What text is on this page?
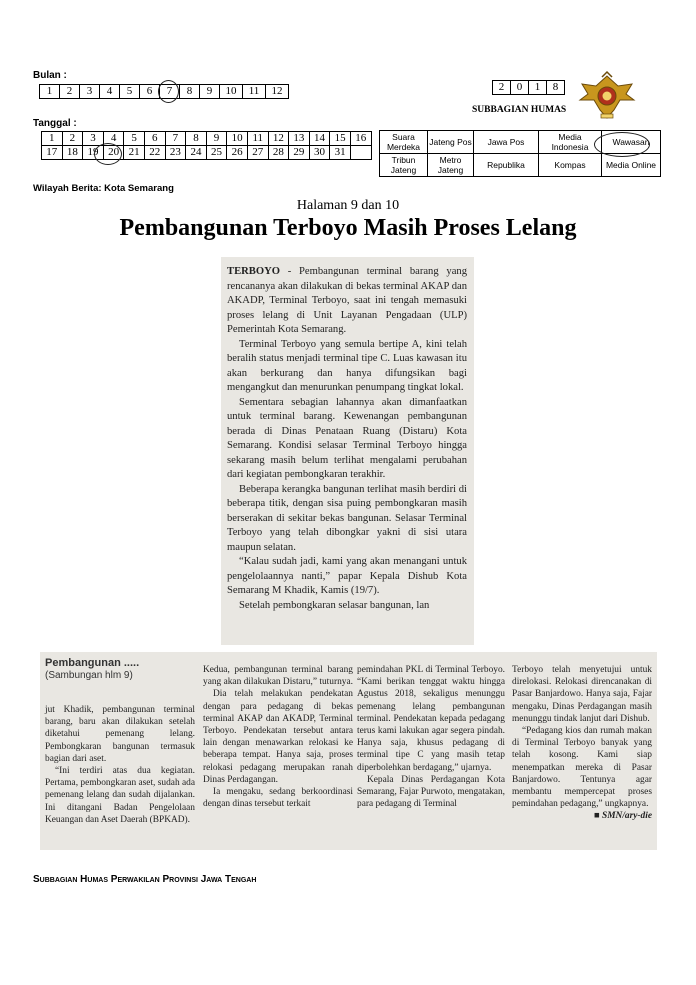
Bulan :
1	2	3	4	5	6	7	8	9	10	11	12	2	0	1	8
SUBBAGIAN HUMAS
Tanggal :
1	2	3	4	5	6	7	8	9	10	11	12	13	14	15	16
17	18	19	20	21	22	23	24	25	26	27	28	29	30	31	
Suara Merdeka	Jateng Pos	Jawa Pos	Media Indonesia	Wawasan
Tribun Jateng	Metro Jateng	Republika	Kompas	Media Online
Wilayah Berita: Kota Semarang
Halaman 9 dan 10
Pembangunan Terboyo Masih Proses Lelang

TERBOYO - Pembangunan terminal barang yang rencananya akan dilakukan di bekas terminal AKAP dan AKADP, Terminal Terboyo, saat ini tengah memasuki proses lelang di Unit Layanan Pengadaan (ULP) Pemerintah Kota Semarang.

Terminal Terboyo yang semula bertipe A, kini telah beralih status menjadi terminal tipe C. Luas kawasan itu akan berkurang dan hanya difungsikan bagi mengangkut dan menurunkan penumpang tingkat lokal.

Sementara sebagian lahannya akan dimanfaatkan untuk terminal barang. Kewenangan pembangunan berada di Dinas Penataan Ruang (Distaru) Kota Semarang. Kondisi selasar Terminal Terboyo hingga sekarang masih belum terlihat mengalami perubahan dari kegiatan pembongkaran terakhir.

Beberapa kerangka bangunan terlihat masih berdiri di beberapa titik, dengan sisa puing pembongkaran masih berserakan di sekitar bekas bangunan. Selasar Terminal Terboyo yang telah dibongkar yakni di sisi utara maupun selatan.

“Kalau sudah jadi, kami yang akan menangani untuk pengelolaannya nanti,” papar Kepala Dishub Kota Semarang M Khadik, Kamis (19/7).

Setelah pembongkaran selasar bangunan, lan

Pembangunan .....
(Sambungan hlm 9)

jut Khadik, pembangunan terminal barang, baru akan dilakukan setelah diketahui pemenang lelang. Pembongkaran bangunan termasuk bagian dari aset.

“Ini terdiri atas dua kegiatan. Pertama, pembongkaran aset, sudah ada pemenang lelang dan sudah dijalankan. Ini ditangani Badan Pengelolaan Keuangan dan Aset Daerah (BPKAD).

Kedua, pembangunan terminal barang yang akan dilakukan Distaru,” tuturnya.

Dia telah melakukan pendekatan dengan para pedagang di bekas terminal AKAP dan AKADP, Terminal Terboyo. Pendekatan tersebut antara lain dengan menawarkan relokasi ke beberapa tempat. Hanya saja, proses relokasi pedagang merupakan ranah Dinas Perdagangan.

Ia mengaku, sedang berkoordinasi dengan dinas tersebut terkait

pemindahan PKL di Terminal Terboyo. “Kami berikan tenggat waktu hingga Agustus 2018, sekaligus menunggu pemenang lelang pembangunan terminal. Pendekatan kepada pedagang terus kami lakukan agar segera pindah. Hanya saja, khusus pedagang di terminal tipe C yang masih tetap diperbolehkan berdagang,” ujarnya.

Kepala Dinas Perdagangan Kota Semarang, Fajar Purwoto, mengatakan, para pedagang di Terminal

Terboyo telah menyetujui untuk direlokasi. Relokasi direncanakan di Pasar Banjardowo. Hanya saja, Fajar mengaku, Dinas Perdagangan masih menunggu tindak lanjut dari Dishub.

“Pedagang kios dan rumah makan di Terminal Terboyo banyak yang telah kosong. Kami siap menempatkan mereka di Pasar Banjardowo. Tentunya agar membantu mempercepat proses pemindahan pedagang,” ungkapnya.

■ SMN/ary-die

Subbagian Humas Perwakilan Provinsi Jawa Tengah
